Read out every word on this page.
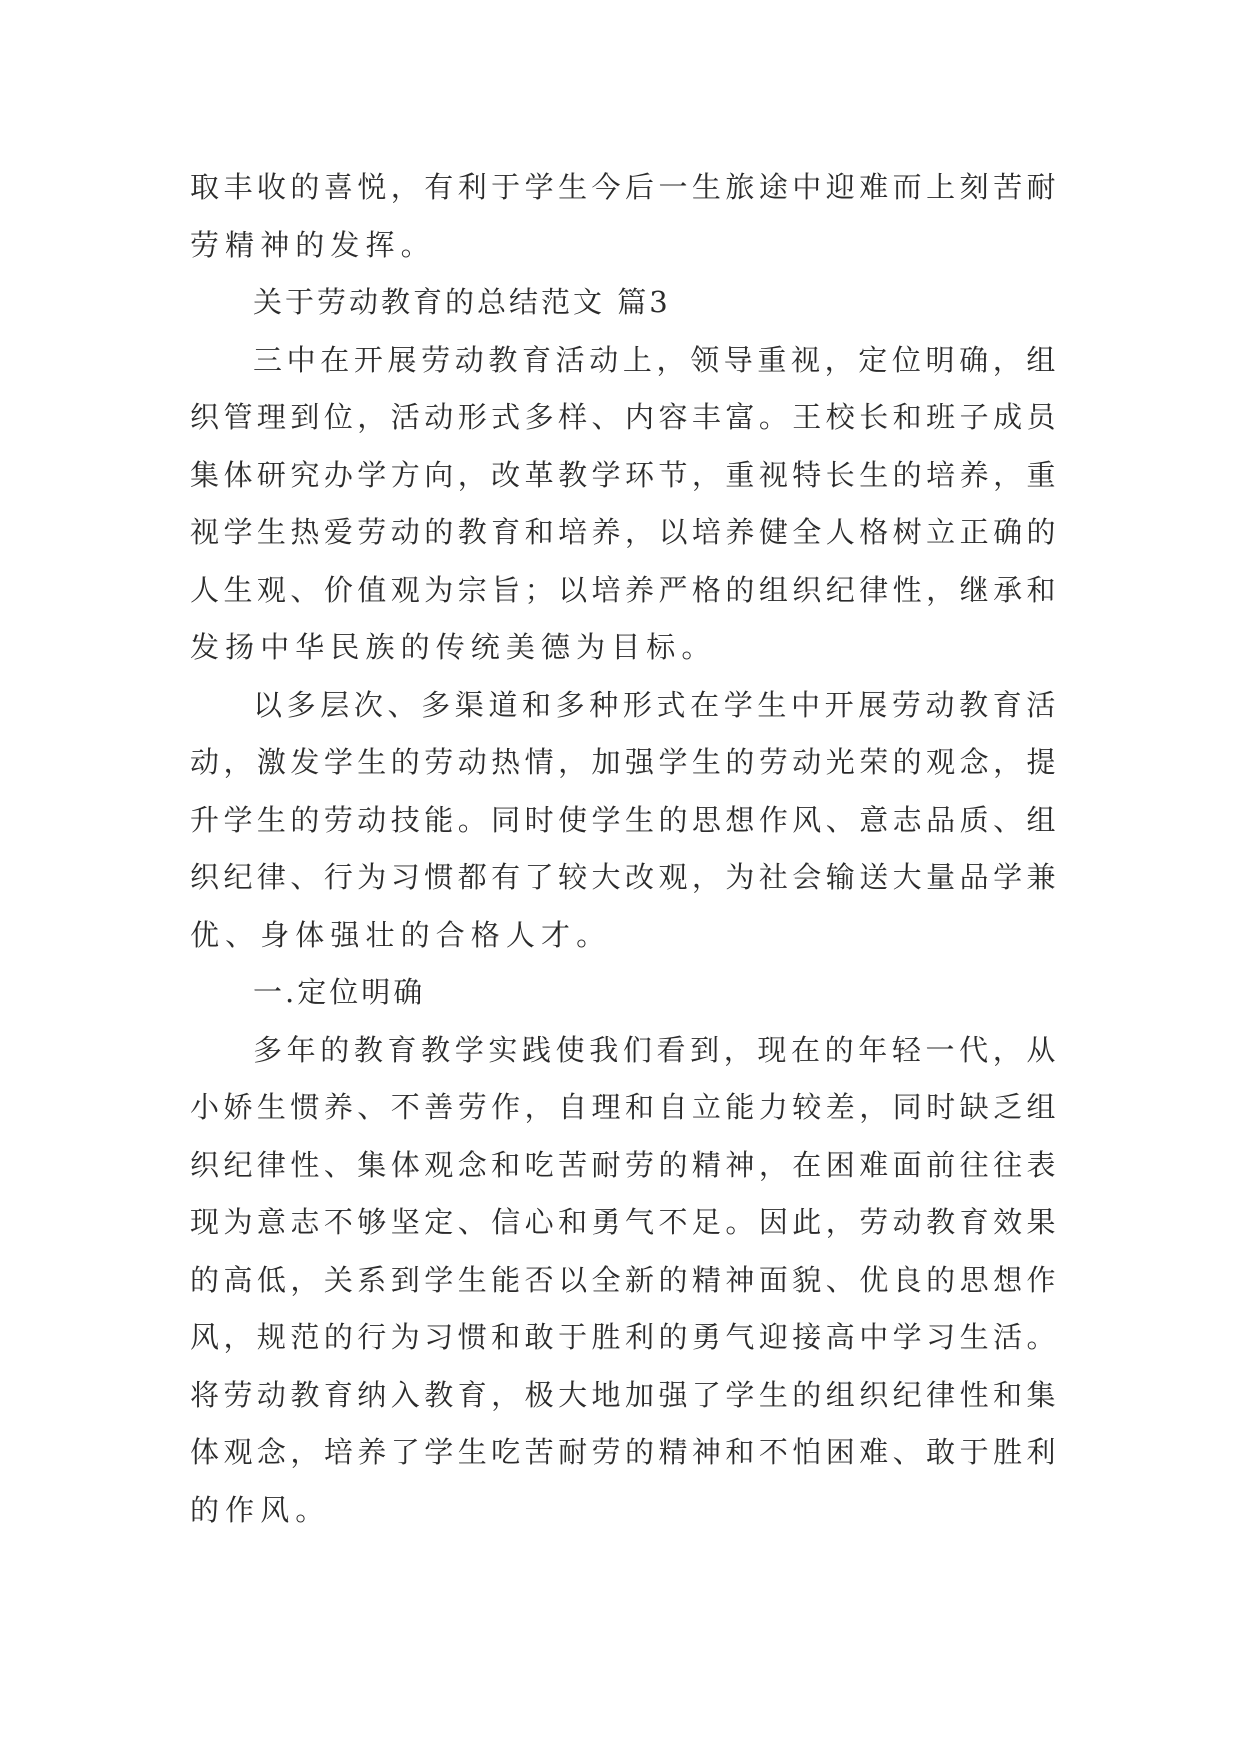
取丰收的喜悦，有利于学生今后一生旅途中迎难而上刻苦耐
劳精神的发挥。

关于劳动教育的总结范文 篇3

三中在开展劳动教育活动上，领导重视，定位明确，组
织管理到位，活动形式多样、内容丰富。王校长和班子成员
集体研究办学方向，改革教学环节，重视特长生的培养，重
视学生热爱劳动的教育和培养，以培养健全人格树立正确的
人生观、价值观为宗旨；以培养严格的组织纪律性，继承和
发扬中华民族的传统美德为目标。
以多层次、多渠道和多种形式在学生中开展劳动教育活
动，激发学生的劳动热情，加强学生的劳动光荣的观念，提
升学生的劳动技能。同时使学生的思想作风、意志品质、组
织纪律、行为习惯都有了较大改观，为社会输送大量品学兼
优、身体强壮的合格人才。

一.定位明确

多年的教育教学实践使我们看到，现在的年轻一代，从
小娇生惯养、不善劳作，自理和自立能力较差，同时缺乏组
织纪律性、集体观念和吃苦耐劳的精神，在困难面前往往表
现为意志不够坚定、信心和勇气不足。因此，劳动教育效果
的高低，关系到学生能否以全新的精神面貌、优良的思想作
风，规范的行为习惯和敢于胜利的勇气迎接高中学习生活。
将劳动教育纳入教育，极大地加强了学生的组织纪律性和集
体观念，培养了学生吃苦耐劳的精神和不怕困难、敢于胜利
的作风。
